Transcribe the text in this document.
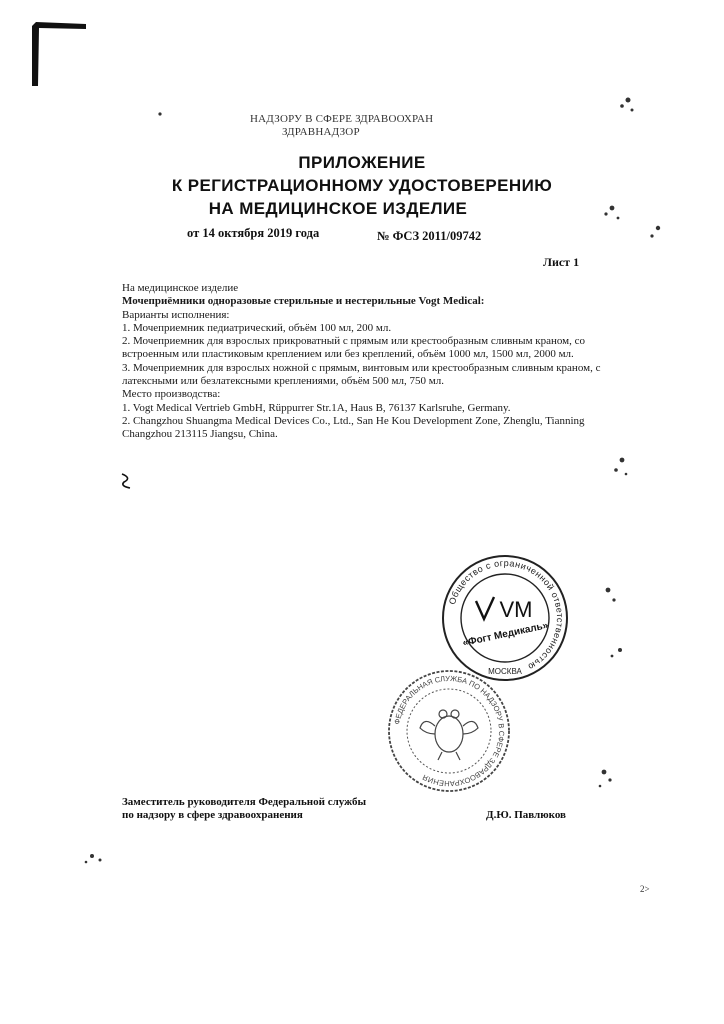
НАДЗОРУ В СФЕРЕ ЗДРАВООХРАН
ЗДРАВНАДЗОР
ПРИЛОЖЕНИЕ
К РЕГИСТРАЦИОННОМУ УДОСТОВЕРЕНИЮ
НА МЕДИЦИНСКОЕ ИЗДЕЛИЕ
от 14 октября 2019 года	№ ФСЗ 2011/09742
Лист 1

На медицинское изделие

Мочеприёмники одноразовые стерильные и нестерильные Vogt Medical:

Варианты исполнения:

1. Мочеприемник педиатрический, объём 100 мл, 200 мл.

2. Мочеприемник для взрослых прикроватный с прямым или крестообразным сливным краном, со встроенным или пластиковым креплением или без креплений, объём 1000 мл, 1500 мл, 2000 мл.

3. Мочеприемник для взрослых ножной с прямым, винтовым или крестообразным сливным краном, с латексными или безлатексными креплениями, объём 500 мл, 750 мл.

Место производства:

1. Vogt Medical Vertrieb GmbH, Rüppurrer Str.1A, Haus B, 76137 Karlsruhe, Germany.

2. Changzhou Shuangma Medical Devices Co., Ltd., San He Kou Development Zone, Zhenglu, Tianning Changzhou 213115 Jiangsu, China.

Общество с ограниченной ответственностью
МОСКВА
VM
«Фогт Медикаль»
ФЕДЕРАЛЬНАЯ СЛУЖБА ПО НАДЗОРУ В СФЕРЕ ЗДРАВООХРАНЕНИЯ
Заместитель руководителя Федеральной службы
по надзору в сфере здравоохранения	Д.Ю. Павлюков
2>
